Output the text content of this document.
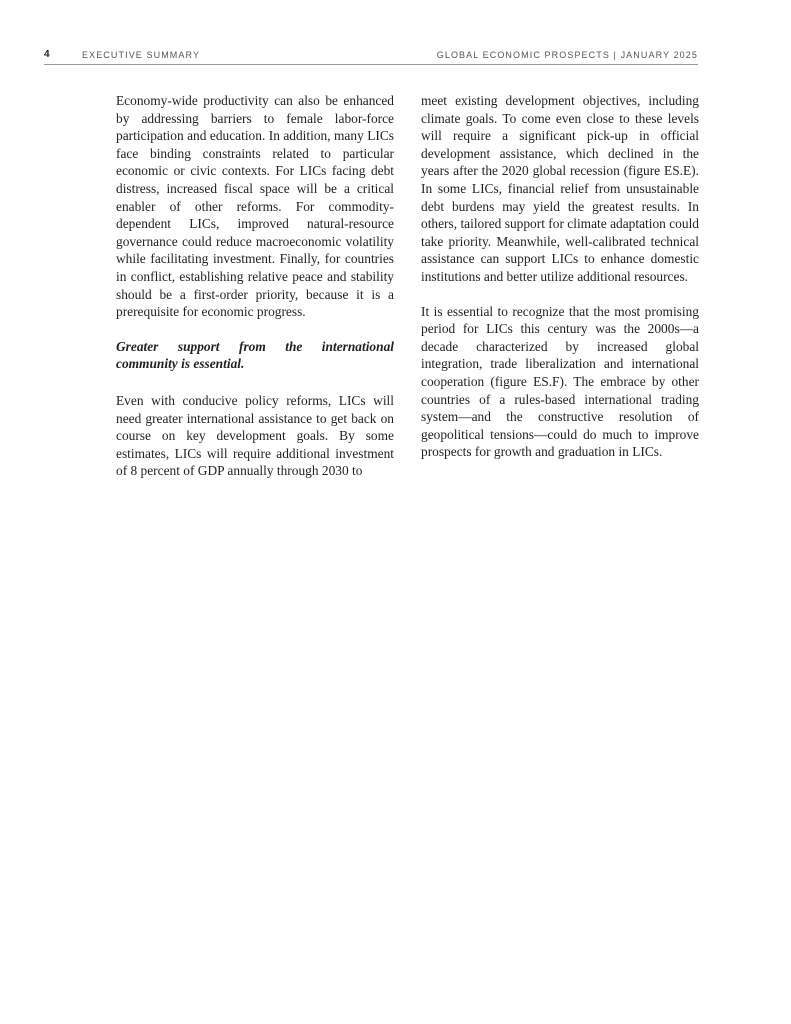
4	EXECUTIVE SUMMARY	GLOBAL ECONOMIC PROSPECTS | JANUARY 2025

Economy-wide productivity can also be enhanced by addressing barriers to female labor-force participation and education. In addition, many LICs face binding constraints related to particular economic or civic contexts. For LICs facing debt distress, increased fiscal space will be a critical enabler of other reforms. For commodity-dependent LICs, improved natural-resource governance could reduce macroeconomic volatility while facilitating investment. Finally, for countries in conflict, establishing relative peace and stability should be a first-order priority, because it is a prerequisite for economic progress.

Greater support from the international community is essential.

Even with conducive policy reforms, LICs will need greater international assistance to get back on course on key development goals. By some estimates, LICs will require additional investment of 8 percent of GDP annually through 2030 to

meet existing development objectives, including climate goals. To come even close to these levels will require a significant pick-up in official development assistance, which declined in the years after the 2020 global recession (figure ES.E). In some LICs, financial relief from unsustainable debt burdens may yield the greatest results. In others, tailored support for climate adaptation could take priority. Meanwhile, well-calibrated technical assistance can support LICs to enhance domestic institutions and better utilize additional resources.

It is essential to recognize that the most promising period for LICs this century was the 2000s—a decade characterized by increased global integration, trade liberalization and international cooperation (figure ES.F). The embrace by other countries of a rules-based international trading system—and the constructive resolution of geopolitical tensions—could do much to improve prospects for growth and graduation in LICs.
